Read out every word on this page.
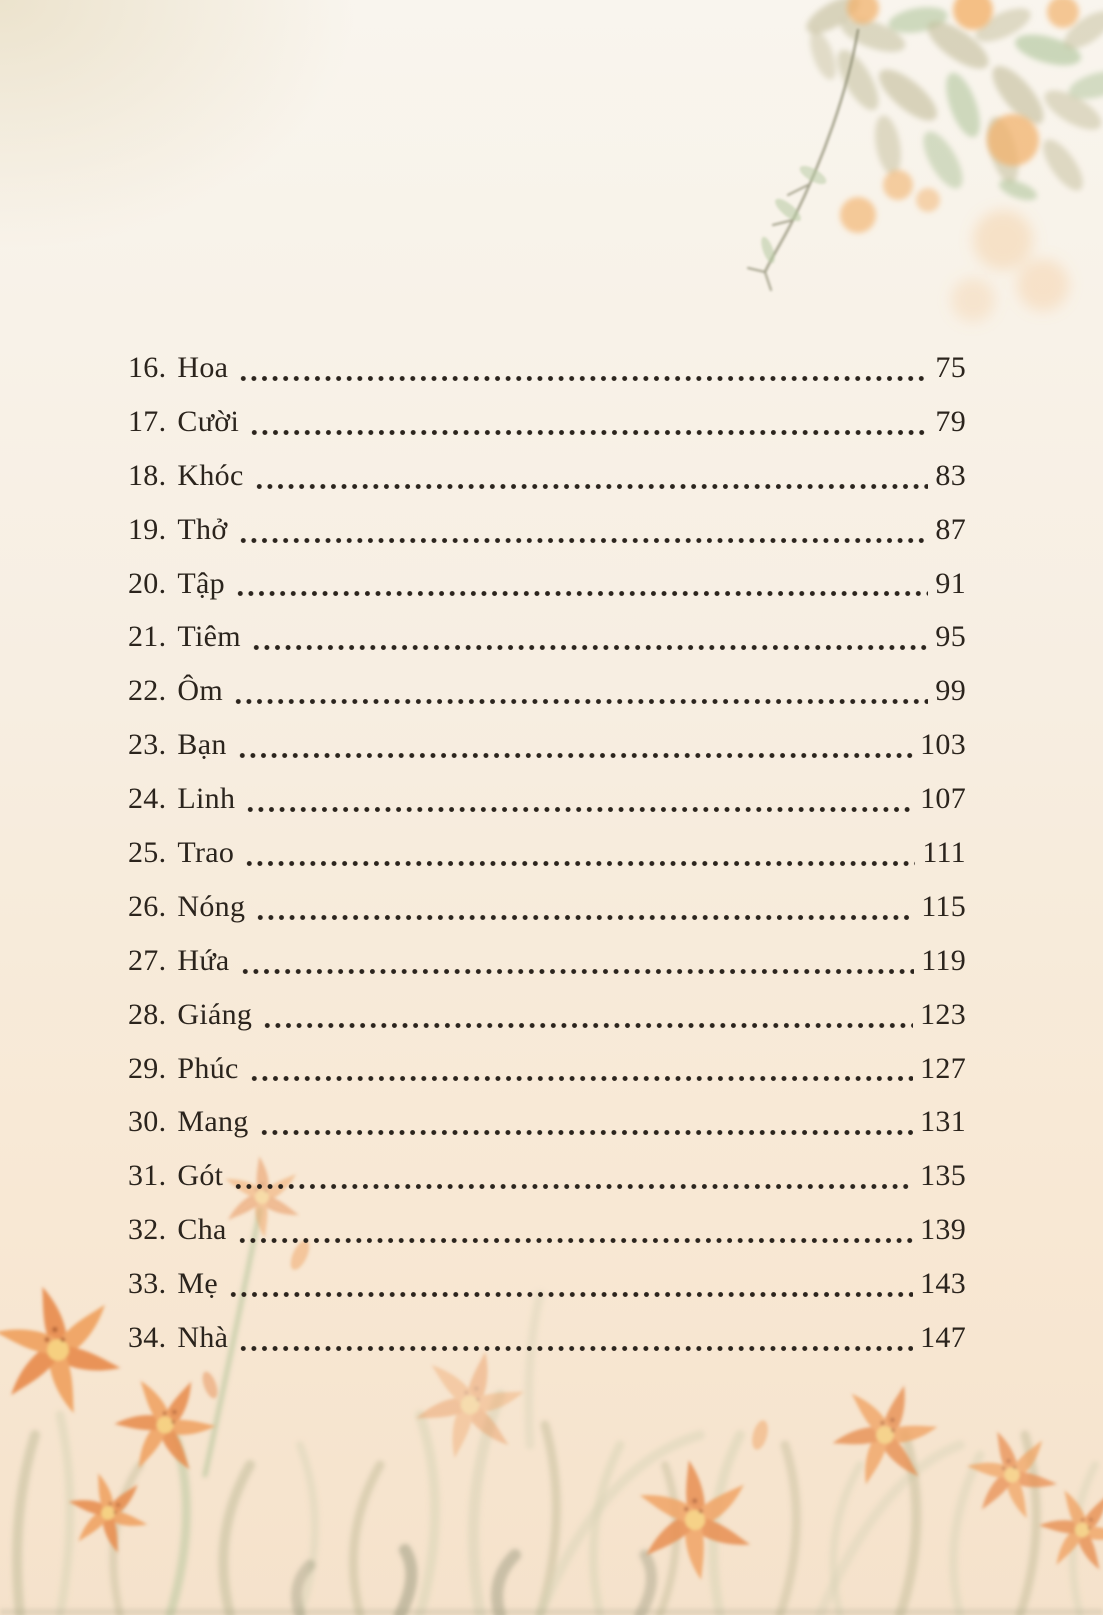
16. Hoa	75
17. Cười	79
18. Khóc	83
19. Thở	87
20. Tập	91
21. Tiêm	95
22. Ôm	99
23. Bạn	103
24. Linh	107
25. Trao	111
26. Nóng	115
27. Hứa	119
28. Giáng	123
29. Phúc	127
30. Mang	131
31. Gót	135
32. Cha	139
33. Mẹ	143
34. Nhà	147
